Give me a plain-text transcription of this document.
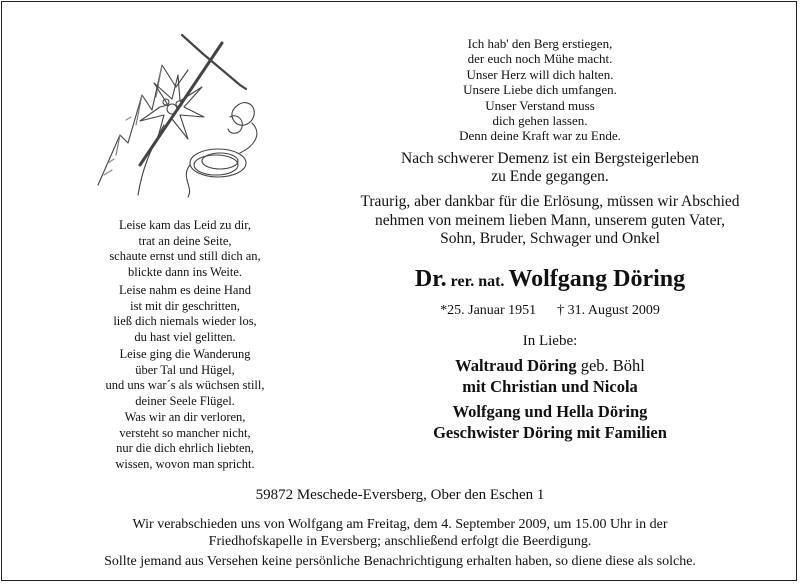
Leise kam das Leid zu dir,
trat an deine Seite,
schaute ernst und still dich an,
blickte dann ins Weite.
Leise nahm es deine Hand
ist mit dir geschritten,
ließ dich niemals wieder los,
du hast viel gelitten.
Leise ging die Wanderung
über Tal und Hügel,
und uns war´s als wüchsen still,
deiner Seele Flügel.
Was wir an dir verloren,
versteht so mancher nicht,
nur die dich ehrlich liebten,
wissen, wovon man spricht.
Ich hab' den Berg erstiegen,
der euch noch Mühe macht.
Unser Herz will dich halten.
Unsere Liebe dich umfangen.
Unser Verstand muss
dich gehen lassen.
Denn deine Kraft war zu Ende.
Nach schwerer Demenz ist ein Bergsteigerleben
zu Ende gegangen.
Traurig, aber dankbar für die Erlösung, müssen wir Abschied
nehmen von meinem lieben Mann, unserem guten Vater,
Sohn, Bruder, Schwager und Onkel
Dr. rer. nat. Wolfgang Döring
*25. Januar 1951 † 31. August 2009
In Liebe:
Waltraud Döring geb. Böhl
mit Christian und Nicola
Wolfgang und Hella Döring
Geschwister Döring mit Familien
59872 Meschede-Eversberg, Ober den Eschen 1
Wir verabschieden uns von Wolfgang am Freitag, dem 4. September 2009, um 15.00 Uhr in der
Friedhofskapelle in Eversberg; anschließend erfolgt die Beerdigung.
Sollte jemand aus Versehen keine persönliche Benachrichtigung erhalten haben, so diene diese als solche.
